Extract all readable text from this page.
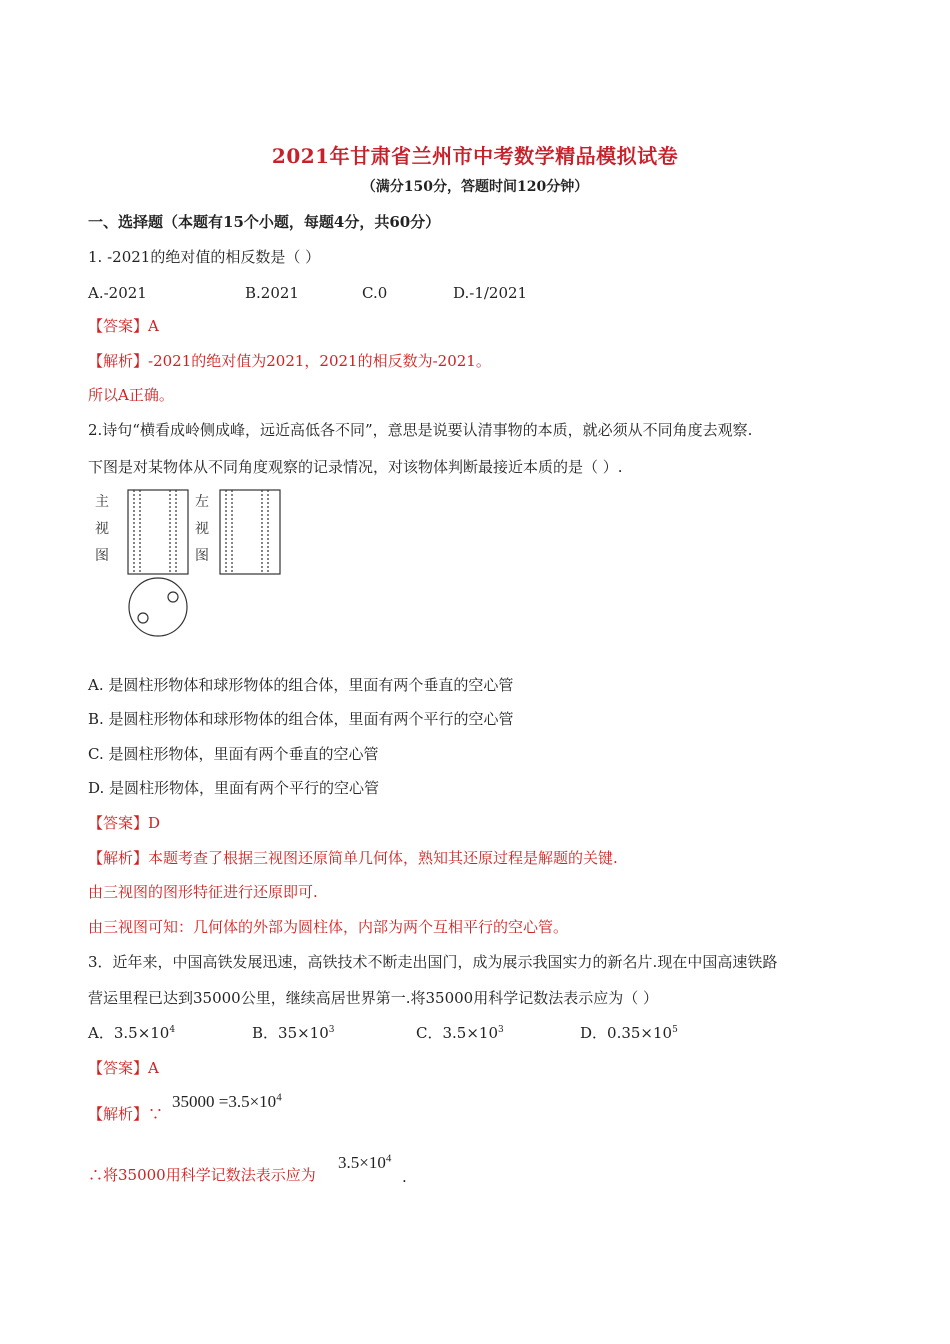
2021年甘肃省兰州市中考数学精品模拟试卷
（满分150分，答题时间120分钟）
一、选择题（本题有15个小题，每题4分，共60分）
1. -2021的绝对值的相反数是（ ）
A.-2021	B.2021	C.0	D.-1/2021
【答案】A
【解析】-2021的绝对值为2021，2021的相反数为-2021。
所以A正确。
2.诗句“横看成岭侧成峰，远近高低各不同”，意思是说要认清事物的本质，就必须从不同角度去观察.
下图是对某物体从不同角度观察的记录情况，对该物体判断最接近本质的是（ ）.
主
视
图
左
视
图
A. 是圆柱形物体和球形物体的组合体，里面有两个垂直的空心管
B. 是圆柱形物体和球形物体的组合体，里面有两个平行的空心管
C. 是圆柱形物体，里面有两个垂直的空心管
D. 是圆柱形物体，里面有两个平行的空心管
【答案】D
【解析】本题考查了根据三视图还原简单几何体，熟知其还原过程是解题的关键.
由三视图的图形特征进行还原即可.
由三视图可知：几何体的外部为圆柱体，内部为两个互相平行的空心管。
3．近年来，中国高铁发展迅速，高铁技术不断走出国门，成为展示我国实力的新名片.现在中国高速铁路
营运里程已达到35000公里，继续高居世界第一.将35000用科学记数法表示应为（ ）
A．$3.5\times 10^4$	B．$35\times 10^3$	C．$3.5\times 10^3$	D．$0.35\times 10^5$
【答案】A
【解析】∵
$35000 =3.5\times 10^4$
∴将35000用科学记数法表示应为
$3.5\times 10^4$
.
